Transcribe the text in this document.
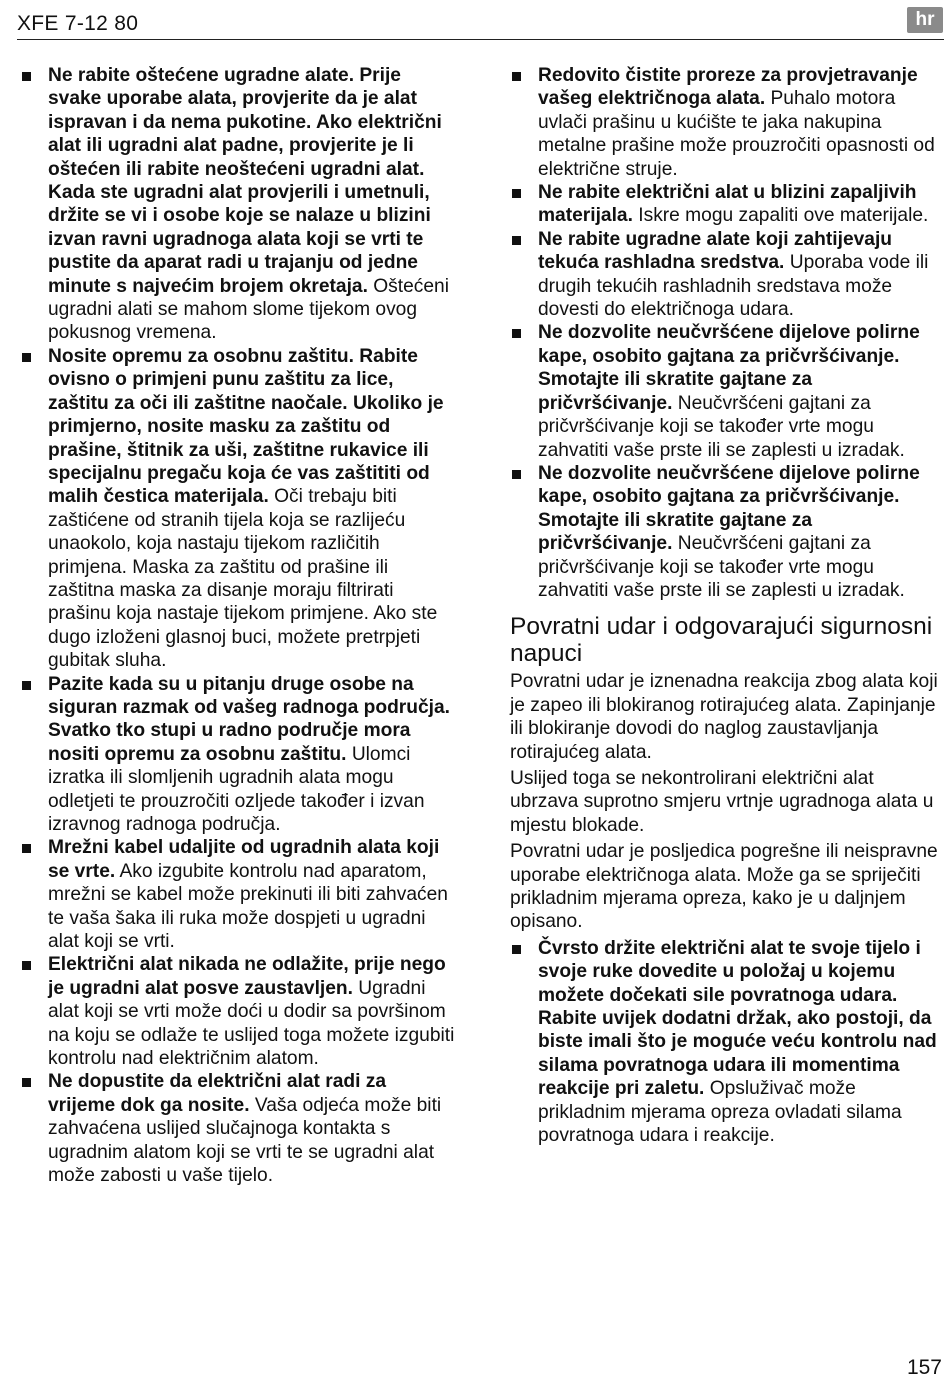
XFE 7-12 80	hr
Ne rabite oštećene ugradne alate. Prije svake uporabe alata, provjerite da je alat ispravan i da nema pukotine. Ako električni alat ili ugradni alat padne, provjerite je li oštećen ili rabite neoštećeni ugradni alat. Kada ste ugradni alat provjerili i umetnuli, držite se vi i osobe koje se nalaze u blizini izvan ravni ugradnoga alata koji se vrti te pustite da aparat radi u trajanju od jedne minute s najvećim brojem okretaja. Oštećeni ugradni alati se mahom slome tijekom ovog pokusnog vremena.
Nosite opremu za osobnu zaštitu. Rabite ovisno o primjeni punu zaštitu za lice, zaštitu za oči ili zaštitne naočale. Ukoliko je primjerno, nosite masku za zaštitu od prašine, štitnik za uši, zaštitne rukavice ili specijalnu pregaču koja će vas zaštititi od malih čestica materijala. Oči trebaju biti zaštićene od stranih tijela koja se razlijeću unaokolo, koja nastaju tijekom različitih primjena. Maska za zaštitu od prašine ili zaštitna maska za disanje moraju filtrirati prašinu koja nastaje tijekom primjene. Ako ste dugo izloženi glasnoj buci, možete pretrpjeti gubitak sluha.
Pazite kada su u pitanju druge osobe na siguran razmak od vašeg radnoga područja. Svatko tko stupi u radno područje mora nositi opremu za osobnu zaštitu. Ulomci izratka ili slomljenih ugradnih alata mogu odletjeti te prouzročiti ozljede također i izvan izravnog radnoga područja.
Mrežni kabel udaljite od ugradnih alata koji se vrte. Ako izgubite kontrolu nad aparatom, mrežni se kabel može prekinuti ili biti zahvaćen te vaša šaka ili ruka može dospjeti u ugradni alat koji se vrti.
Električni alat nikada ne odlažite, prije nego je ugradni alat posve zaustavljen. Ugradni alat koji se vrti može doći u dodir sa površinom na koju se odlaže te uslijed toga možete izgubiti kontrolu nad električnim alatom.
Ne dopustite da električni alat radi za vrijeme dok ga nosite. Vaša odjeća može biti zahvaćena uslijed slučajnoga kontakta s ugradnim alatom koji se vrti te se ugradni alat može zabosti u vaše tijelo.
Redovito čistite proreze za provjetravanje vašeg električnoga alata. Puhalo motora uvlači prašinu u kućište te jaka nakupina metalne prašine može prouzročiti opasnosti od električne struje.
Ne rabite električni alat u blizini zapaljivih materijala. Iskre mogu zapaliti ove materijale.
Ne rabite ugradne alate koji zahtijevaju tekuća rashladna sredstva. Uporaba vode ili drugih tekućih rashladnih sredstava može dovesti do električnoga udara.
Ne dozvolite neučvršćene dijelove polirne kape, osobito gajtana za pričvršćivanje. Smotajte ili skratite gajtane za pričvršćivanje. Neučvršćeni gajtani za pričvršćivanje koji se također vrte mogu zahvatiti vaše prste ili se zaplesti u izradak.
Ne dozvolite neučvršćene dijelove polirne kape, osobito gajtana za pričvršćivanje. Smotajte ili skratite gajtane za pričvršćivanje. Neučvršćeni gajtani za pričvršćivanje koji se također vrte mogu zahvatiti vaše prste ili se zaplesti u izradak.
Povratni udar i odgovarajući sigurnosni napuci

Povratni udar je iznenadna reakcija zbog alata koji je zapeo ili blokiranog rotirajućeg alata. Zapinjanje ili blokiranje dovodi do naglog zaustavljanja rotirajućeg alata.

Uslijed toga se nekontrolirani električni alat ubrzava suprotno smjeru vrtnje ugradnoga alata u mjestu blokade.

Povratni udar je posljedica pogrešne ili neispravne uporabe električnoga alata. Može ga se spriječiti prikladnim mjerama opreza, kako je u daljnjem opisano.

Čvrsto držite električni alat te svoje tijelo i svoje ruke dovedite u položaj u kojemu možete dočekati sile povratnoga udara. Rabite uvijek dodatni držak, ako postoji, da biste imali što je moguće veću kontrolu nad silama povratnoga udara ili momentima reakcije pri zaletu. Opsluživač može prikladnim mjerama opreza ovladati silama povratnoga udara i reakcije.
157
